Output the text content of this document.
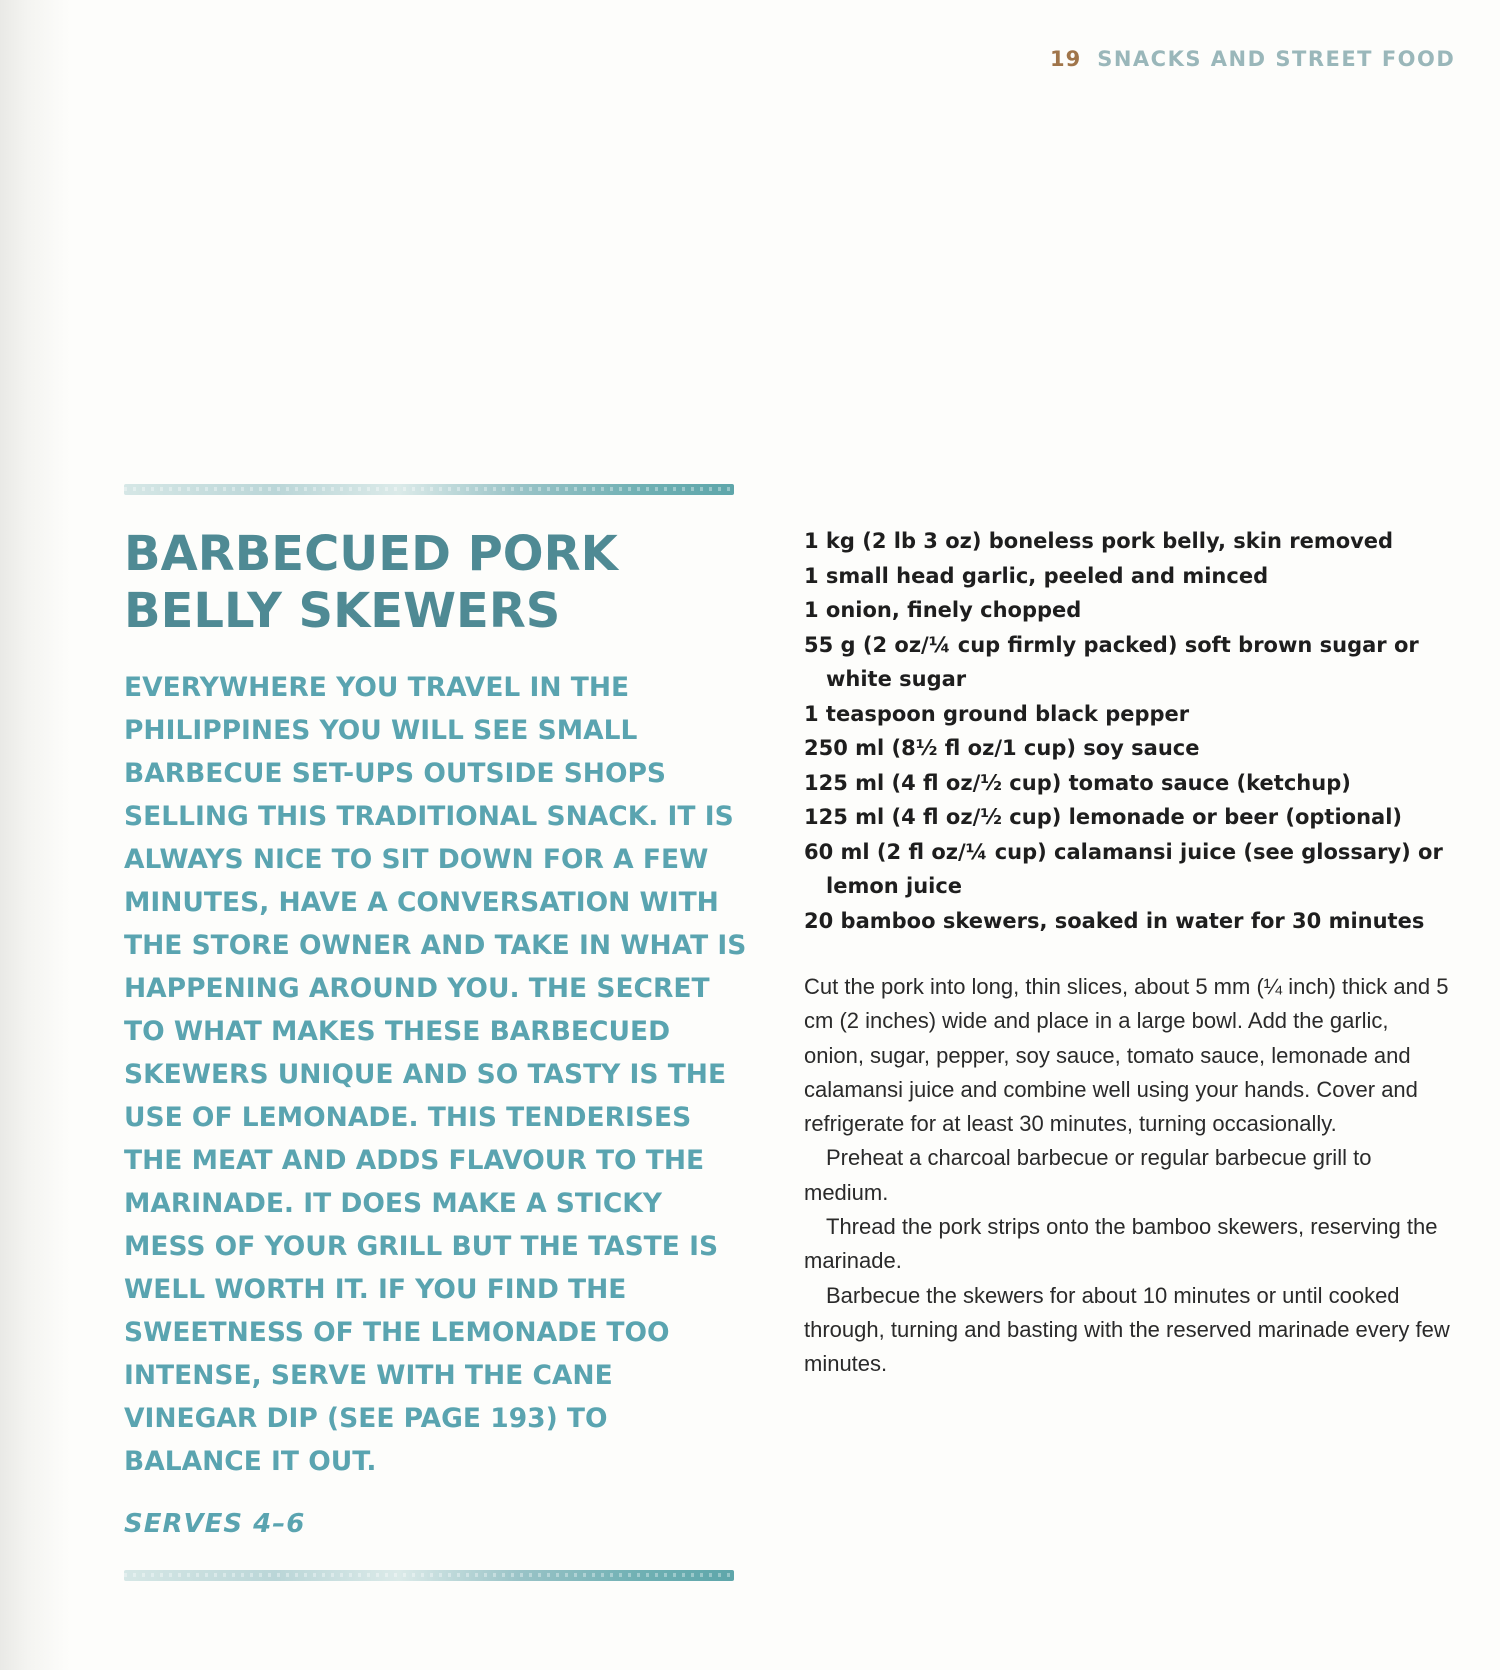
19 SNACKS AND STREET FOOD
BARBECUED PORK BELLY SKEWERS

EVERYWHERE YOU TRAVEL IN THE PHILIPPINES YOU WILL SEE SMALL BARBECUE SET-UPS OUTSIDE SHOPS SELLING THIS TRADITIONAL SNACK. IT IS ALWAYS NICE TO SIT DOWN FOR A FEW MINUTES, HAVE A CONVERSATION WITH THE STORE OWNER AND TAKE IN WHAT IS HAPPENING AROUND YOU. THE SECRET TO WHAT MAKES THESE BARBECUED SKEWERS UNIQUE AND SO TASTY IS THE USE OF LEMONADE. THIS TENDERISES THE MEAT AND ADDS FLAVOUR TO THE MARINADE. IT DOES MAKE A STICKY MESS OF YOUR GRILL BUT THE TASTE IS WELL WORTH IT. IF YOU FIND THE SWEETNESS OF THE LEMONADE TOO INTENSE, SERVE WITH THE CANE VINEGAR DIP (SEE PAGE 193) TO BALANCE IT OUT.

SERVES 4–6

1 kg (2 lb 3 oz) boneless pork belly, skin removed
1 small head garlic, peeled and minced
1 onion, finely chopped
55 g (2 oz/¼ cup firmly packed) soft brown sugar or white sugar
1 teaspoon ground black pepper
250 ml (8½ fl oz/1 cup) soy sauce
125 ml (4 fl oz/½ cup) tomato sauce (ketchup)
125 ml (4 fl oz/½ cup) lemonade or beer (optional)
60 ml (2 fl oz/¼ cup) calamansi juice (see glossary) or lemon juice
20 bamboo skewers, soaked in water for 30 minutes

Cut the pork into long, thin slices, about 5 mm (¼ inch) thick and 5 cm (2 inches) wide and place in a large bowl. Add the garlic, onion, sugar, pepper, soy sauce, tomato sauce, lemonade and calamansi juice and combine well using your hands. Cover and refrigerate for at least 30 minutes, turning occasionally.

Preheat a charcoal barbecue or regular barbecue grill to medium.

Thread the pork strips onto the bamboo skewers, reserving the marinade.

Barbecue the skewers for about 10 minutes or until cooked through, turning and basting with the reserved marinade every few minutes.
